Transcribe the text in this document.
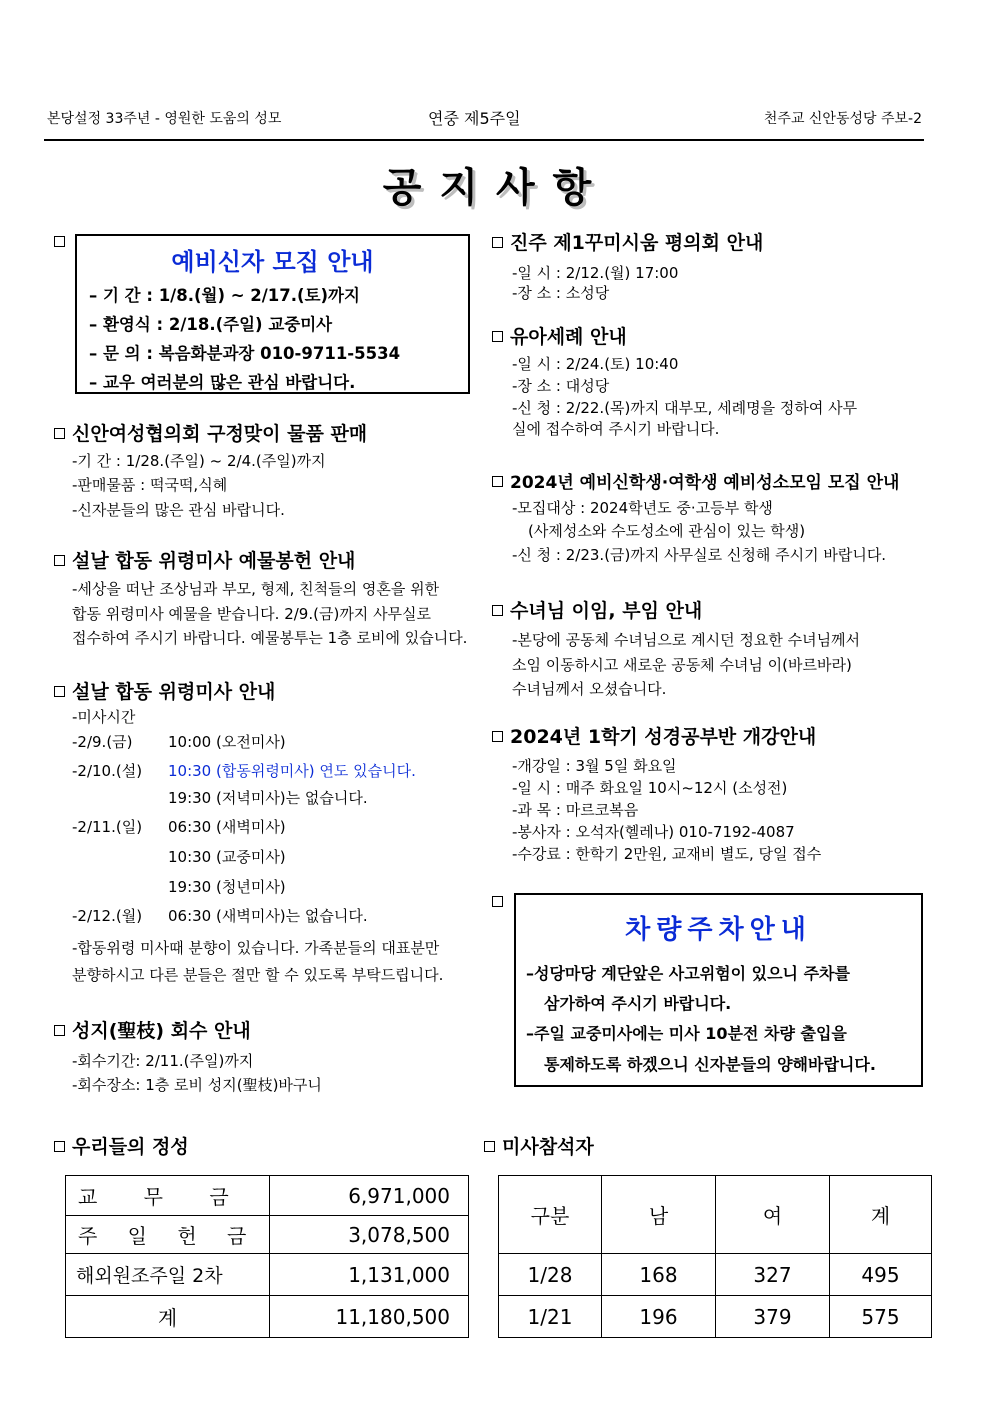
본당설정 33주년 - 영원한 도움의 성모	연중 제5주일	천주교 신안동성당 주보-2
공지사항
예비신자 모집 안내
– 기 간 : 1/8.(월) ~ 2/17.(토)까지
– 환영식 : 2/18.(주일) 교중미사
– 문 의 : 복음화분과장 010-9711-5534
– 교우 여러분의 많은 관심 바랍니다.
신안여성협의회 구정맞이 물품 판매
-기 간 : 1/28.(주일) ~ 2/4.(주일)까지
-판매물품 : 떡국떡,식혜
-신자분들의 많은 관심 바랍니다.
설날 합동 위령미사 예물봉헌 안내
-세상을 떠난 조상님과 부모, 형제, 친척들의 영혼을 위한
합동 위령미사 예물을 받습니다. 2/9.(금)까지 사무실로
접수하여 주시기 바랍니다. 예물봉투는 1층 로비에 있습니다.
설날 합동 위령미사 안내
-미사시간
-2/9.(금) 10:00 (오전미사)
-2/10.(설) 10:30 (합동위령미사) 연도 있습니다.
19:30 (저녁미사)는 없습니다.
-2/11.(일) 06:30 (새벽미사)
10:30 (교중미사)
19:30 (청년미사)
-2/12.(월) 06:30 (새벽미사)는 없습니다.
-합동위령 미사때 분향이 있습니다. 가족분들의 대표분만
분향하시고 다른 분들은 절만 할 수 있도록 부탁드립니다.
성지(聖枝) 회수 안내
-회수기간: 2/11.(주일)까지
-회수장소: 1층 로비 성지(聖枝)바구니
진주 제1꾸미시움 평의회 안내
-일 시 : 2/12.(월) 17:00
-장 소 : 소성당
유아세례 안내
-일 시 : 2/24.(토) 10:40
-장 소 : 대성당
-신 청 : 2/22.(목)까지 대부모, 세례명을 정하여 사무
실에 접수하여 주시기 바랍니다.
2024년 예비신학생·여학생 예비성소모임 모집 안내
-모집대상 : 2024학년도 중·고등부 학생
(사제성소와 수도성소에 관심이 있는 학생)
-신 청 : 2/23.(금)까지 사무실로 신청해 주시기 바랍니다.
수녀님 이임, 부임 안내
-본당에 공동체 수녀님으로 계시던 정요한 수녀님께서
소임 이동하시고 새로운 공동체 수녀님 이(바르바라)
수녀님께서 오셨습니다.
2024년 1학기 성경공부반 개강안내
-개강일 : 3월 5일 화요일
-일 시 : 매주 화요일 10시~12시 (소성전)
-과 목 : 마르코복음
-봉사자 : 오석자(헬레나) 010-7192-4087
-수강료 : 한학기 2만원, 교재비 별도, 당일 접수
차량주차안내
–성당마당 계단앞은 사고위험이 있으니 주차를
삼가하여 주시기 바랍니다.
–주일 교중미사에는 미사 10분전 차량 출입을
통제하도록 하겠으니 신자분들의 양해바랍니다.
우리들의 정성
교 무 금	6,971,000
주 일 헌 금	3,078,500
해외원조주일 2차	1,131,000
계	11,180,500
미사참석자
구분	남	여	계
1/28	168	327	495
1/21	196	379	575
